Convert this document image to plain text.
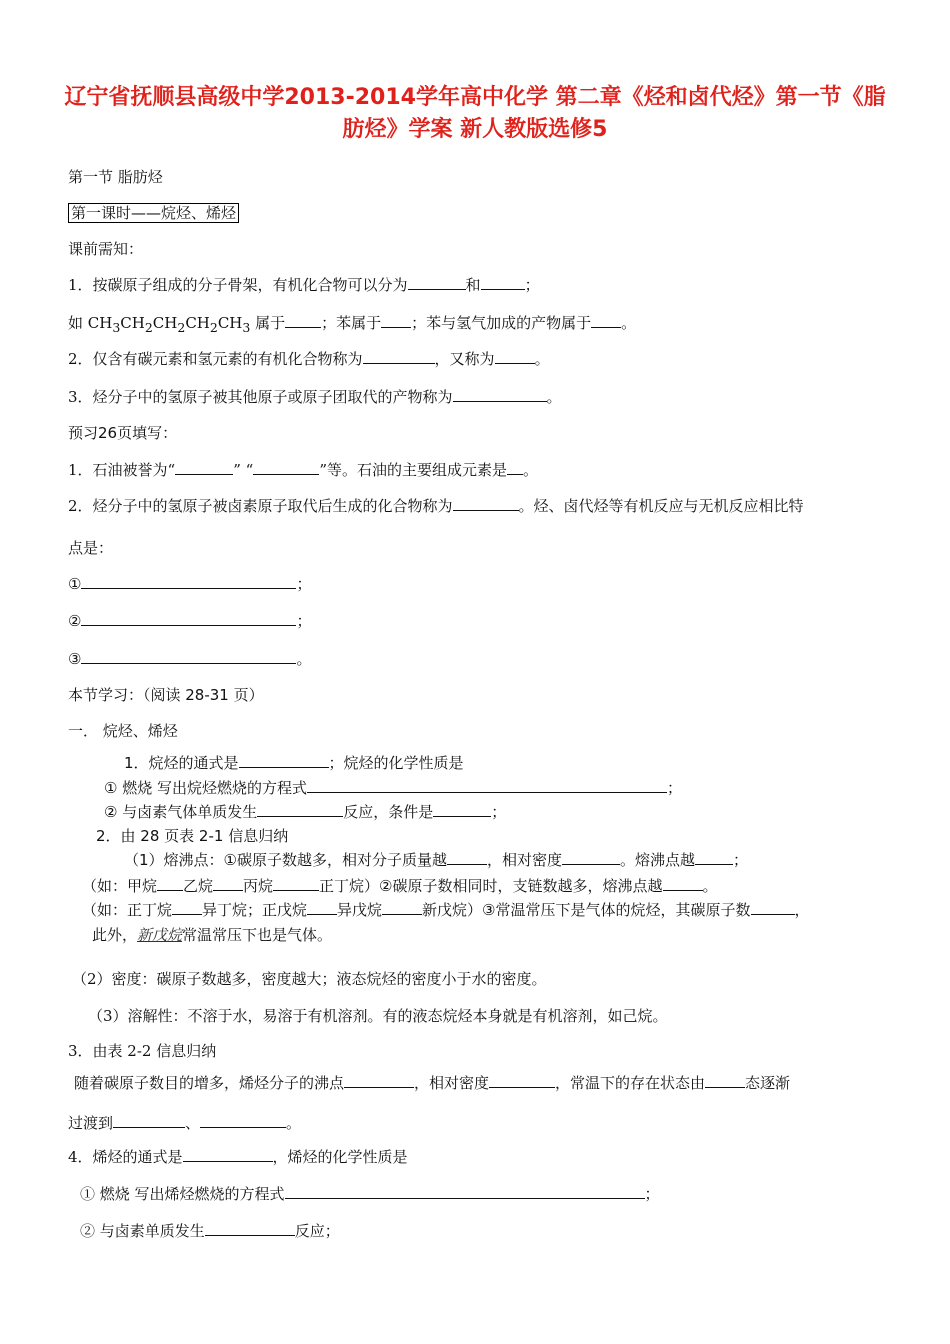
辽宁省抚顺县高级中学2013-2014学年高中化学 第二章《烃和卤代烃》第一节《脂肪烃》学案 新人教版选修5
第一节 脂肪烃
第一课时——烷烃、烯烃
课前需知：
1．按碳原子组成的分子骨架，有机化合物可以分为	和	；
如 $CH_3CH_2CH_2CH_2CH_3$ 属于 ；苯属于 ；苯与氢气加成的产物属于 。
2．仅含有碳元素和氢元素的有机化合物称为	，又称为	。
3．烃分子中的氢原子被其他原子或原子团取代的产物称为	。
预习26页填写：
1．石油被誉为“	” “	”等。石油的主要组成元素是 。
2．烃分子中的氢原子被卤素原子取代后生成的化合物称为	。烃、卤代烃等有机反应与无机反应相比特
点是：
①	；
②	；
③	。
本节学习：（阅读 28-31 页）
一． 烷烃、烯烃
1．烷烃的通式是	；烷烃的化学性质是
① 燃烧 写出烷烃燃烧的方程式	；
② 与卤素气体单质发生	反应，条件是	；
2．由 28 页表 2-1 信息归纳
（1）熔沸点：①碳原子数越多，相对分子质量越	，相对密度	。熔沸点越	；
（如：甲烷 乙烷 丙烷	正丁烷）②碳原子数相同时，支链数越多，熔沸点越	。
（如：正丁烷 异丁烷；正戊烷 异戊烷	新戊烷）③常温常压下是气体的烷烃，其碳原子数	，
此外，新戊烷常温常压下也是气体。
（2）密度：碳原子数越多，密度越大；液态烷烃的密度小于水的密度。
（3）溶解性：不溶于水，易溶于有机溶剂。有的液态烷烃本身就是有机溶剂，如己烷。
3．由表 2-2 信息归纳
随着碳原子数目的增多，烯烃分子的沸点	，相对密度	，常温下的存在状态由	态逐渐
过渡到	、	。
4．烯烃的通式是	，烯烃的化学性质是
① 燃烧 写出烯烃燃烧的方程式	；
② 与卤素单质发生	反应；
